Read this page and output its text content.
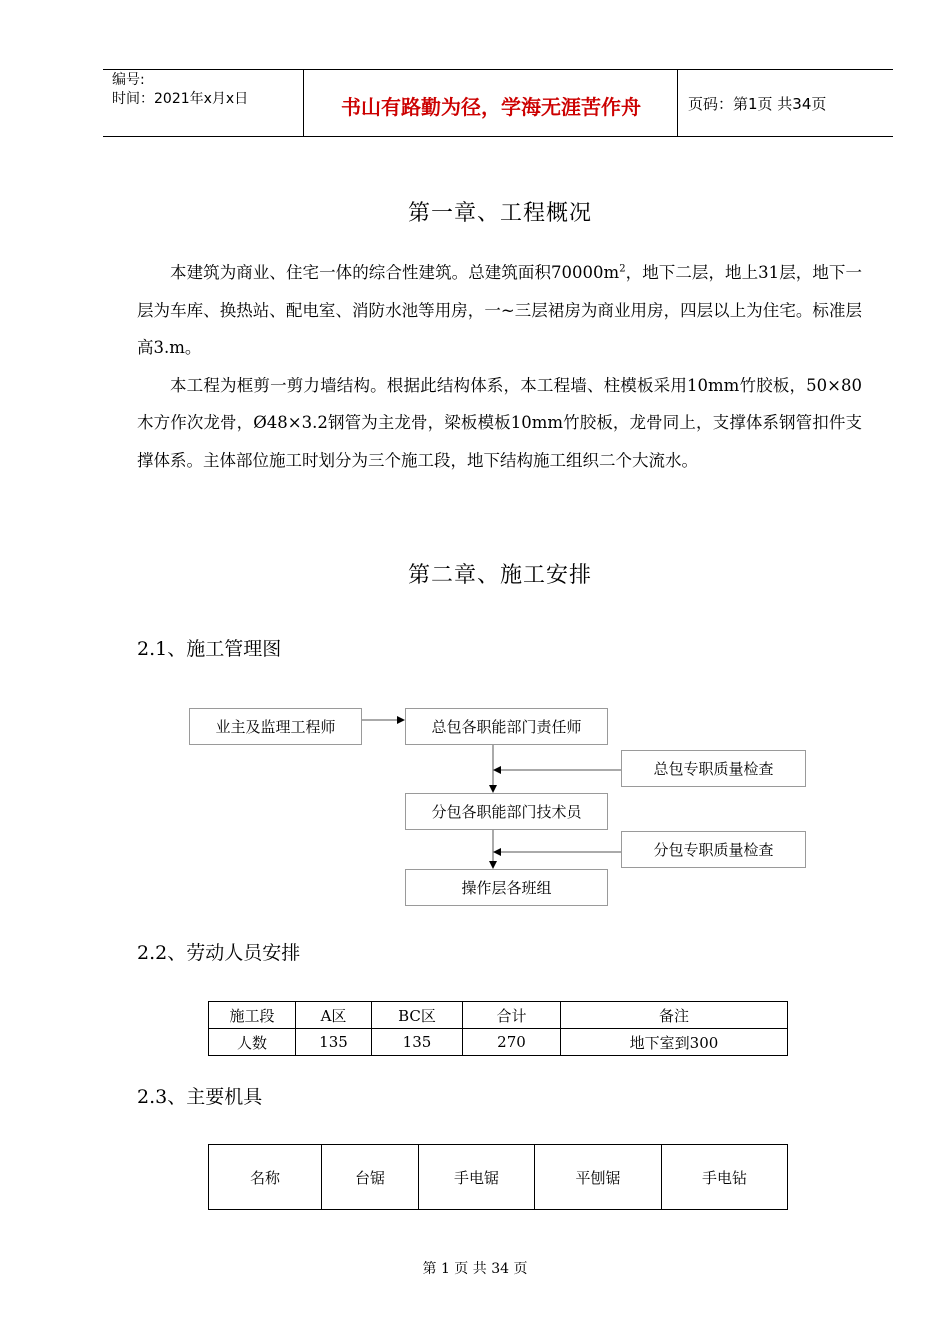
编号:
时间：2021年x月x日	书山有路勤为径，学海无涯苦作舟	页码：第1页 共34页
第一章、工程概况

本建筑为商业、住宅一体的综合性建筑。总建筑面积$70000m^2$，地下二层，地上31层，地下一层为车库、换热站、配电室、消防水池等用房，一~三层裙房为商业用房，四层以上为住宅。标准层高3.m。

本工程为框剪一剪力墙结构。根据此结构体系，本工程墙、柱模板采用10mm竹胶板，50×80木方作次龙骨，Ø48×3.2钢管为主龙骨，梁板模板10mm竹胶板，龙骨同上，支撑体系钢管扣件支撑体系。主体部位施工时划分为三个施工段，地下结构施工组织二个大流水。

第二章、施工安排
2.1、施工管理图
业主及监理工程师	总包各职能部门责任师
总包专职质量检查
分包各职能部门技术员
分包专职质量检查
操作层各班组
2.2、劳动人员安排
施工段	A区	BC区	合计	备注
人数	135	135	270	地下室到300
2.3、主要机具
名称	台锯	手电锯	平刨锯	手电钻
第 1 页 共 34 页
